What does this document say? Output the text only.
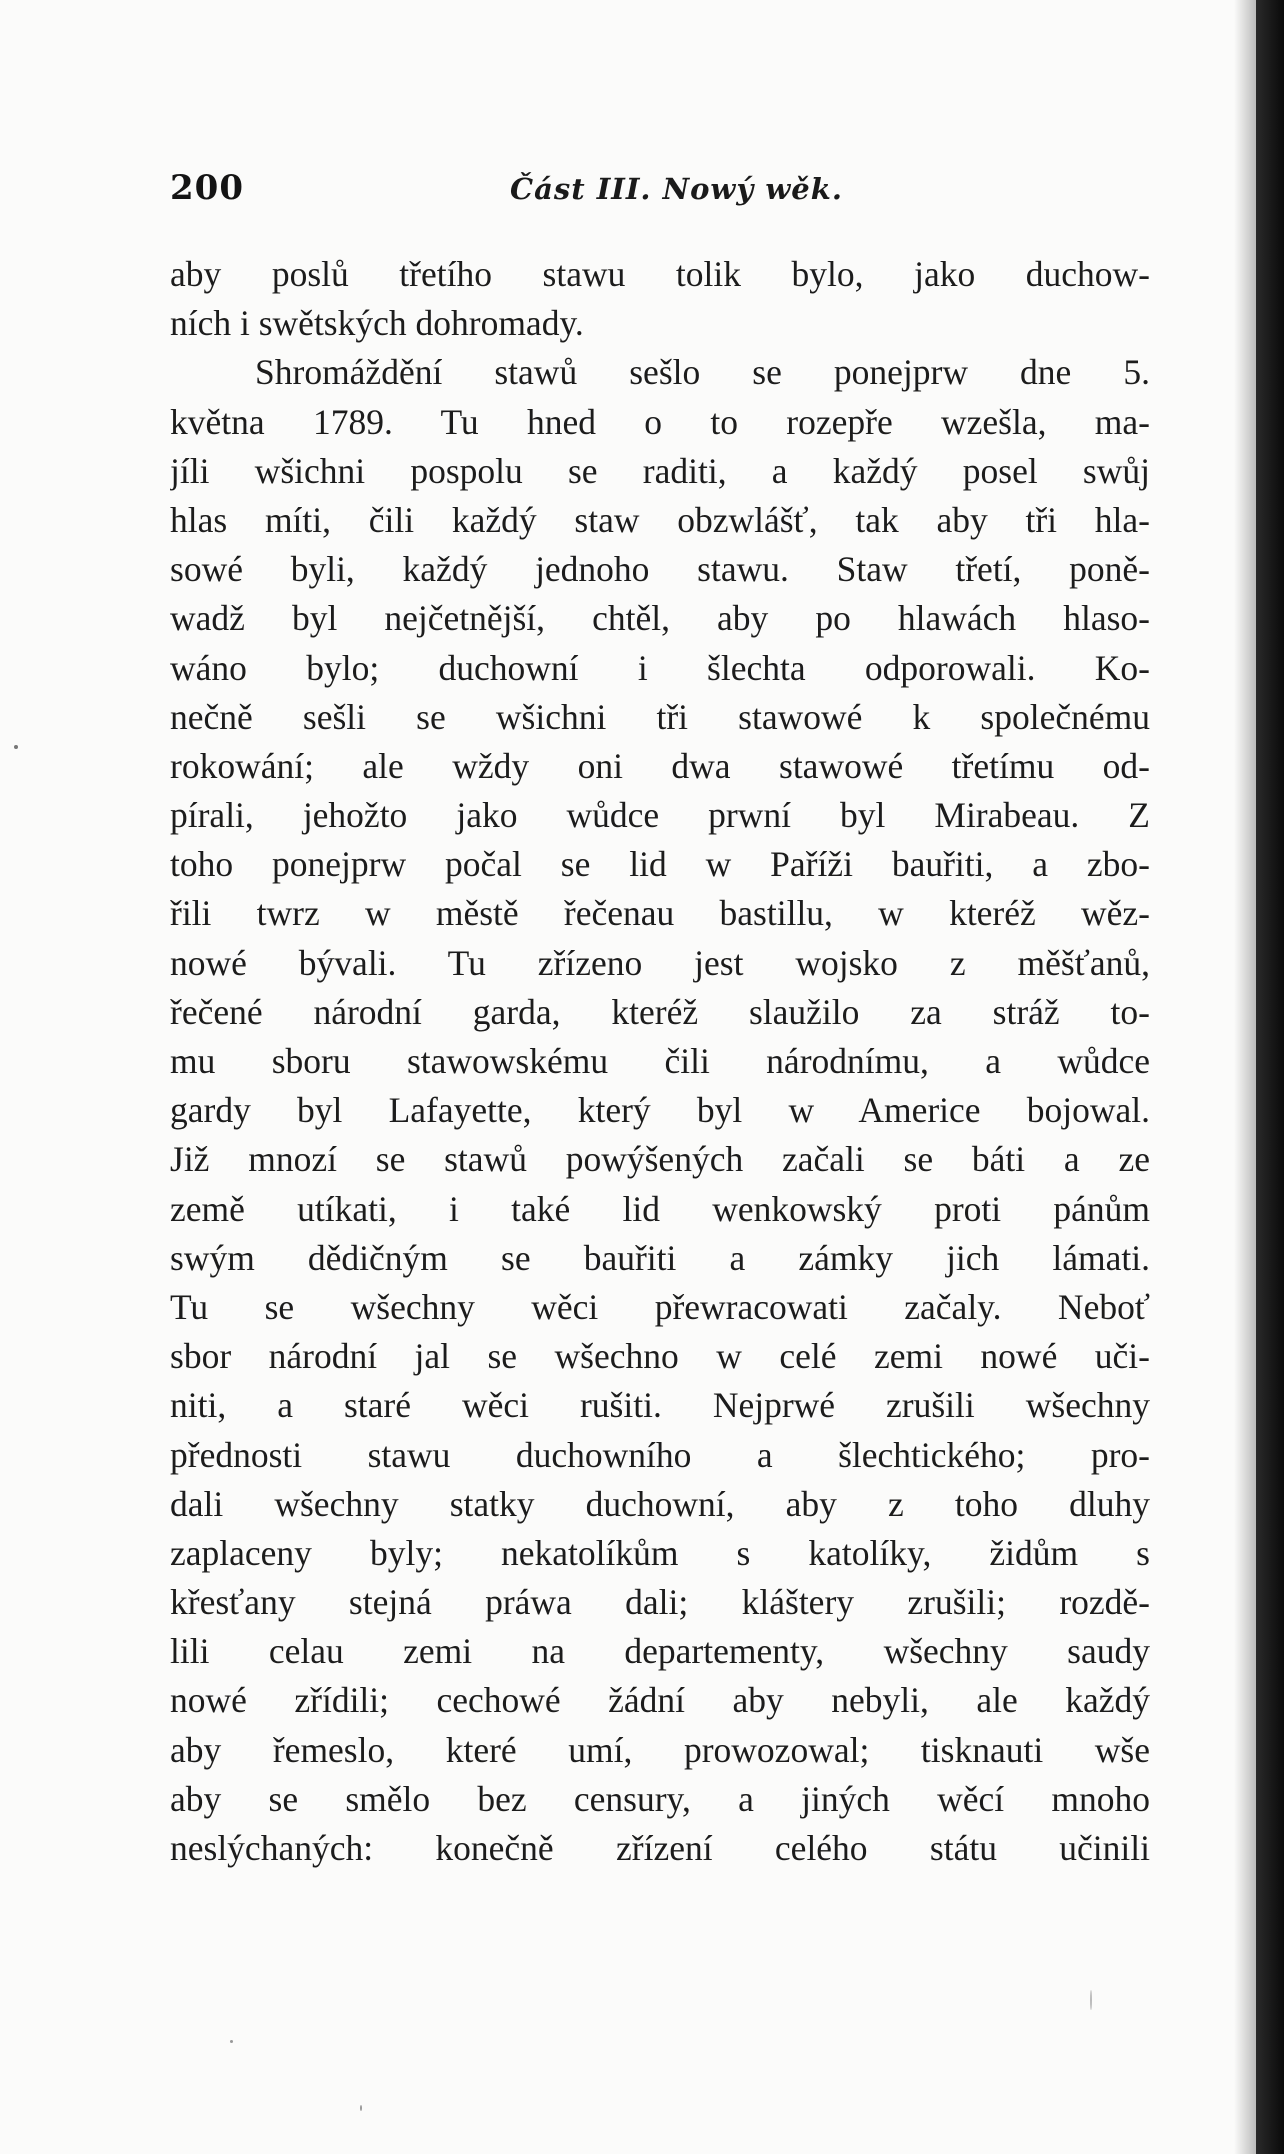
200	Část III. Nowý wěk.
aby poslů třetího stawu tolik bylo, jako duchow-
ních i swětských dohromady.
Shromáždění stawů sešlo se ponejprw dne 5.
května 1789. Tu hned o to rozepře wzešla, ma-
jíli wšichni pospolu se raditi, a každý posel swůj
hlas míti, čili každý staw obzwlášť, tak aby tři hla-
sowé byli, každý jednoho stawu. Staw třetí, poně-
wadž byl nejčetnější, chtěl, aby po hlawách hlaso-
wáno bylo; duchowní i šlechta odporowali. Ko-
nečně sešli se wšichni tři stawowé k společnému
rokowání; ale wždy oni dwa stawowé třetímu od-
pírali, jehožto jako wůdce prwní byl Mirabeau. Z
toho ponejprw počal se lid w Paříži bauřiti, a zbo-
řili twrz w městě řečenau bastillu, w kteréž wěz-
nowé bývali. Tu zřízeno jest wojsko z měšťanů,
řečené národní garda, kteréž slaužilo za stráž to-
mu sboru stawowskému čili národnímu, a wůdce
gardy byl Lafayette, který byl w Americe bojowal.
Již mnozí se stawů powýšených začali se báti a ze
země utíkati, i také lid wenkowský proti pánům
swým dědičným se bauřiti a zámky jich lámati.
Tu se wšechny wěci přewracowati začaly. Neboť
sbor národní jal se wšechno w celé zemi nowé uči-
niti, a staré wěci rušiti. Nejprwé zrušili wšechny
přednosti stawu duchowního a šlechtického; pro-
dali wšechny statky duchowní, aby z toho dluhy
zaplaceny byly; nekatolíkům s katolíky, židům s
křesťany stejná práwa dali; kláštery zrušili; rozdě-
lili celau zemi na departementy, wšechny saudy
nowé zřídili; cechowé žádní aby nebyli, ale každý
aby řemeslo, které umí, prowozowal; tisknauti wše
aby se smělo bez censury, a jiných wěcí mnoho
neslýchaných: konečně zřízení celého státu učinili
